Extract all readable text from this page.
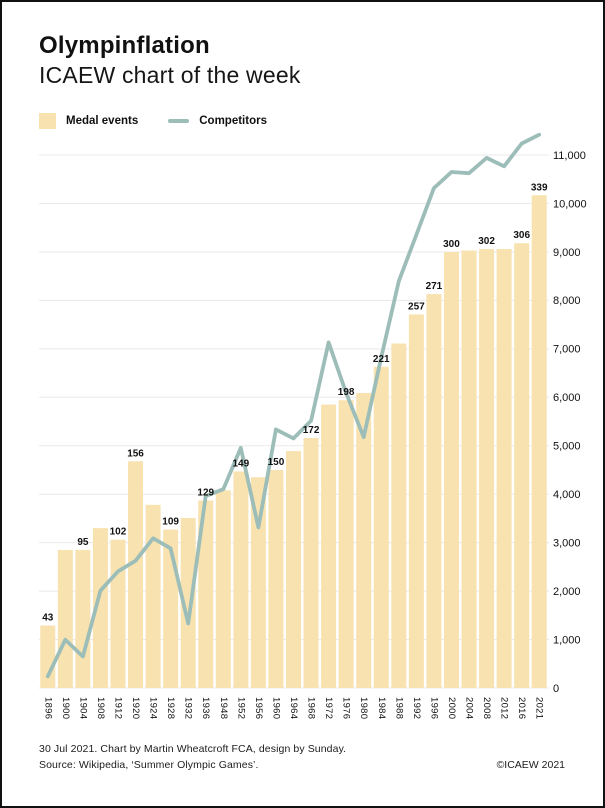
Olympinflation
ICAEW chart of the week
Medal events	Competitors
0
1,000
2,000
3,000
4,000
5,000
6,000
7,000
8,000
9,000
10,000
11,000
43
95
102
156
109
129
149 150
172
198
221
257
271
300 302
306
339
1896 1900 1904 1908 1912 1920 1924 1928 1932 1936 1948 1952 1956 1960 1964 1968 1972 1976 1980 1984 1988 1992 1996 2000 2004 2008 2012 2016 2021
30 Jul 2021. Chart by Martin Wheatcroft FCA, design by Sunday.
Source: Wikipedia, ‘Summer Olympic Games’.	©ICAEW 2021
